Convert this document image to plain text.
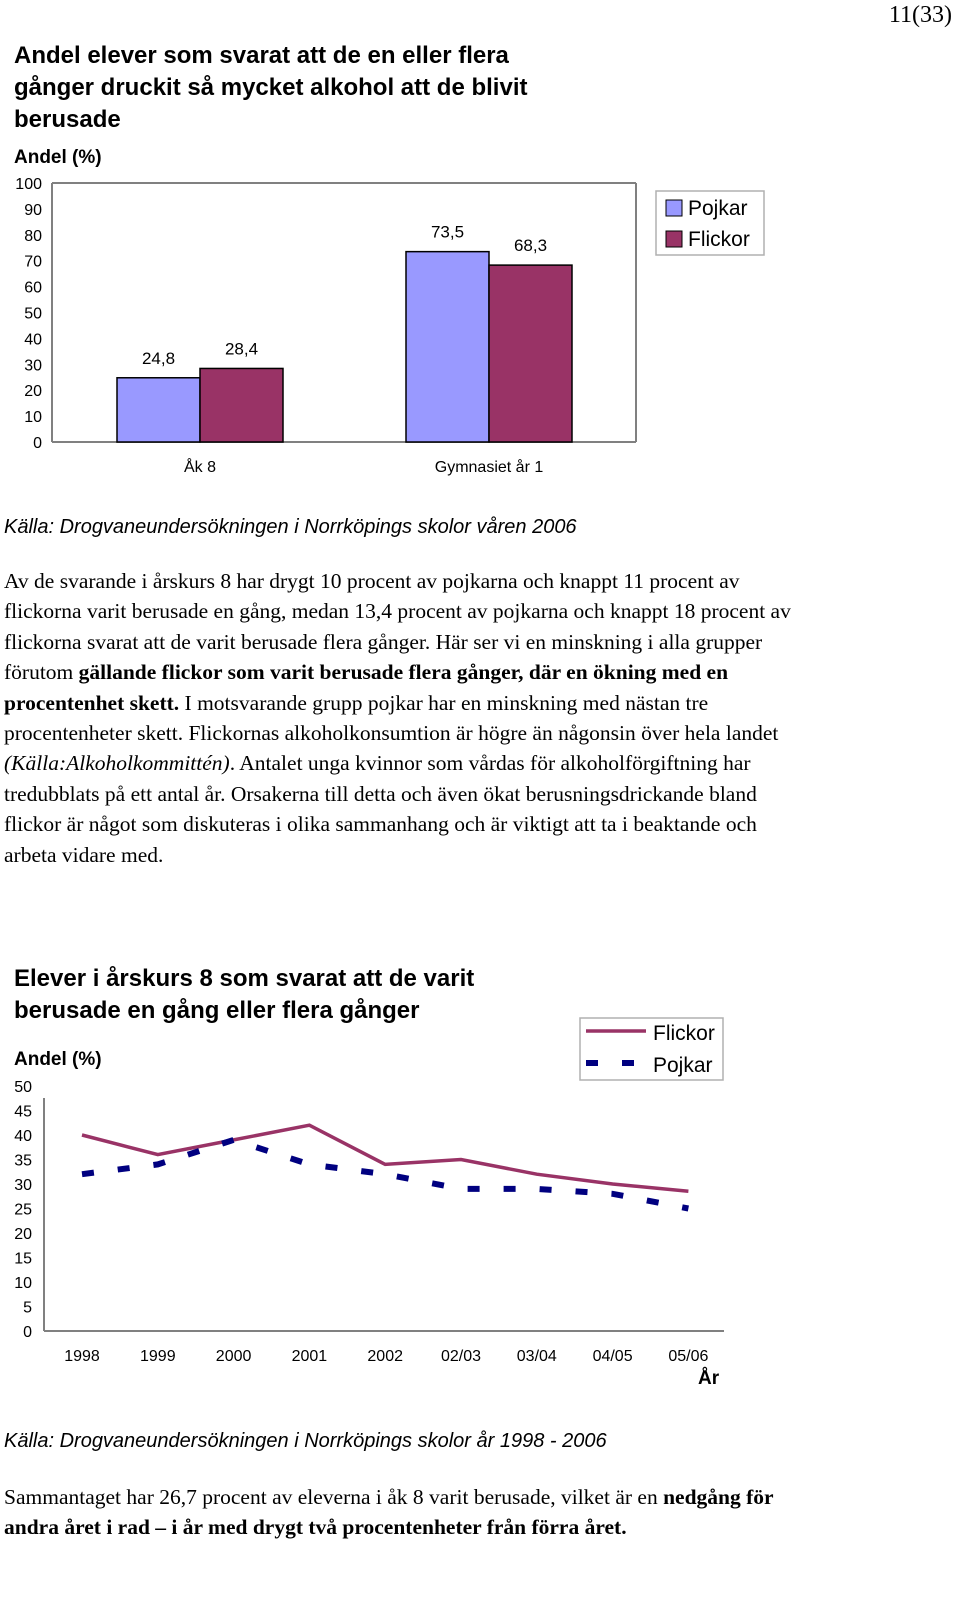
11(33)
Andel elever som svarat att de en eller flera
gånger druckit så mycket alkohol att de blivit
berusade
Andel (%)
0
10
20
30
40
50
60
70
80
90
100
24,8	28,4
73,5
68,3
Åk 8	Gymnasiet år 1
Pojkar
Flickor
Källa: Drogvaneundersökningen i Norrköpings skolor våren 2006
Av de svarande i årskurs 8 har drygt 10 procent av pojkarna och knappt 11 procent av flickorna varit berusade en gång, medan 13,4 procent av pojkarna och knappt 18 procent av flickorna svarat att de varit berusade flera gånger. Här ser vi en minskning i alla grupper förutom gällande flickor som varit berusade flera gånger, där en ökning med en procentenhet skett. I motsvarande grupp pojkar har en minskning med nästan tre procentenheter skett. Flickornas alkoholkonsumtion är högre än någonsin över hela landet (Källa:Alkoholkommittén). Antalet unga kvinnor som vårdas för alkoholförgiftning har tredubblats på ett antal år. Orsakerna till detta och även ökat berusningsdrickande bland flickor är något som diskuteras i olika sammanhang och är viktigt att ta i beaktande och arbeta vidare med.
Elever i årskurs 8 som svarat att de varit
berusade en gång eller flera gånger
Andel (%)
0
5
10
15
20
25
30
35
40
45
50
1998	1999	2000	2001	2002 02/03 03/04 04/05 05/06
År
Flickor
Pojkar
Källa: Drogvaneundersökningen i Norrköpings skolor år 1998 - 2006
Sammantaget har 26,7 procent av eleverna i åk 8 varit berusade, vilket är en nedgång för andra året i rad – i år med drygt två procentenheter från förra året.
